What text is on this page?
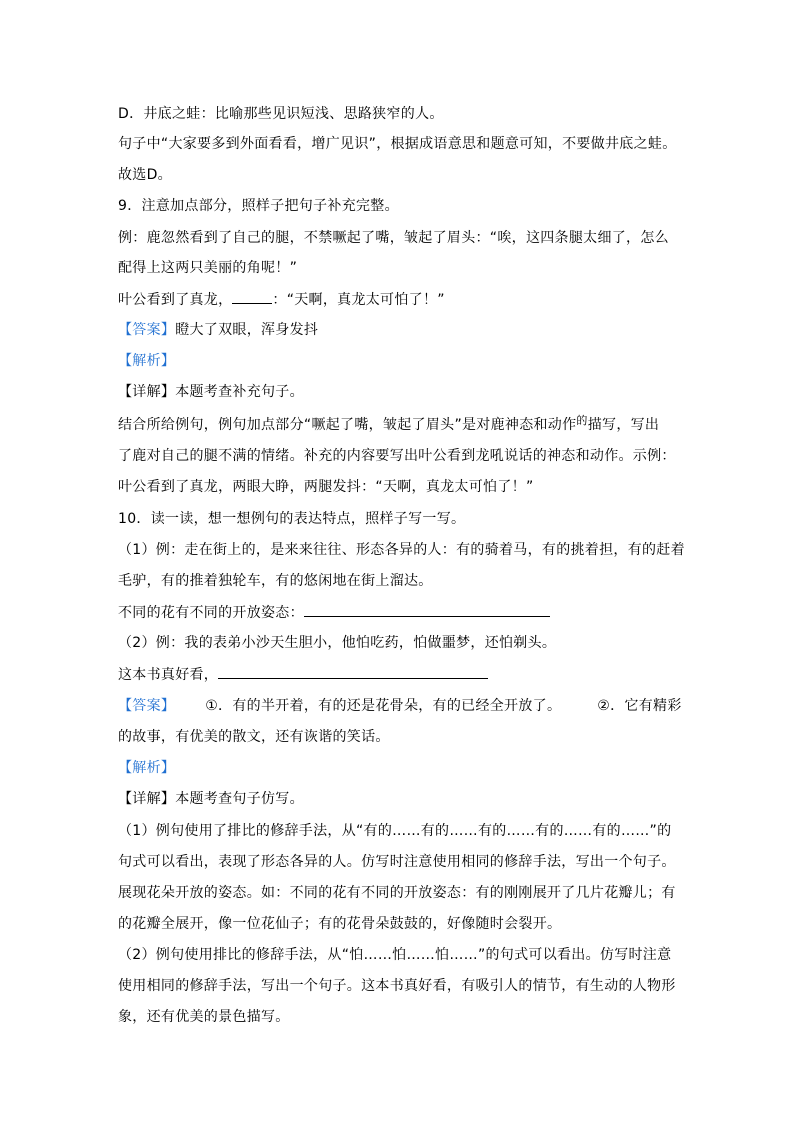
D．井底之蛙：比喻那些见识短浅、思路狭窄的人。
句子中“大家要多到外面看看，增广见识”，根据成语意思和题意可知，不要做井底之蛙。
故选D。
9．注意加点部分，照样子把句子补充完整。
例：鹿忽然看到了自己的腿，不禁噘起了嘴，皱起了眉头：“唉，这四条腿太细了，怎么
配得上这两只美丽的角呢！”
叶公看到了真龙，	：“天啊，真龙太可怕了！”
【答案】瞪大了双眼，浑身发抖
【解析】
【详解】本题考查补充句子。
结合所给例句，例句加点部分“噘起了嘴，皱起了眉头”是对鹿神态和动作$^的$描写，写出
了鹿对自己的腿不满的情绪。补充的内容要写出叶公看到龙吼说话的神态和动作。示例：
叶公看到了真龙，两眼大睁，两腿发抖：“天啊，真龙太可怕了！”
10．读一读，想一想例句的表达特点，照样子写一写。
（1）例：走在街上的，是来来往往、形态各异的人：有的骑着马，有的挑着担，有的赶着
毛驴，有的推着独轮车，有的悠闲地在街上溜达。
不同的花有不同的开放姿态：
（2）例：我的表弟小沙天生胆小，他怕吃药，怕做噩梦，还怕剃头。
这本书真好看，
【答案】 ①．有的半开着，有的还是花骨朵，有的已经全开放了。	②．它有精彩
的故事，有优美的散文，还有诙谐的笑话。
【解析】
【详解】本题考查句子仿写。
（1）例句使用了排比的修辞手法，从“有的……有的……有的……有的……有的……”的
句式可以看出，表现了形态各异的人。仿写时注意使用相同的修辞手法，写出一个句子。
展现花朵开放的姿态。如：不同的花有不同的开放姿态：有的刚刚展开了几片花瓣儿；有
的花瓣全展开，像一位花仙子；有的花骨朵鼓鼓的，好像随时会裂开。
（2）例句使用排比的修辞手法，从“怕……怕……怕……”的句式可以看出。仿写时注意
使用相同的修辞手法，写出一个句子。这本书真好看，有吸引人的情节，有生动的人物形
象，还有优美的景色描写。
